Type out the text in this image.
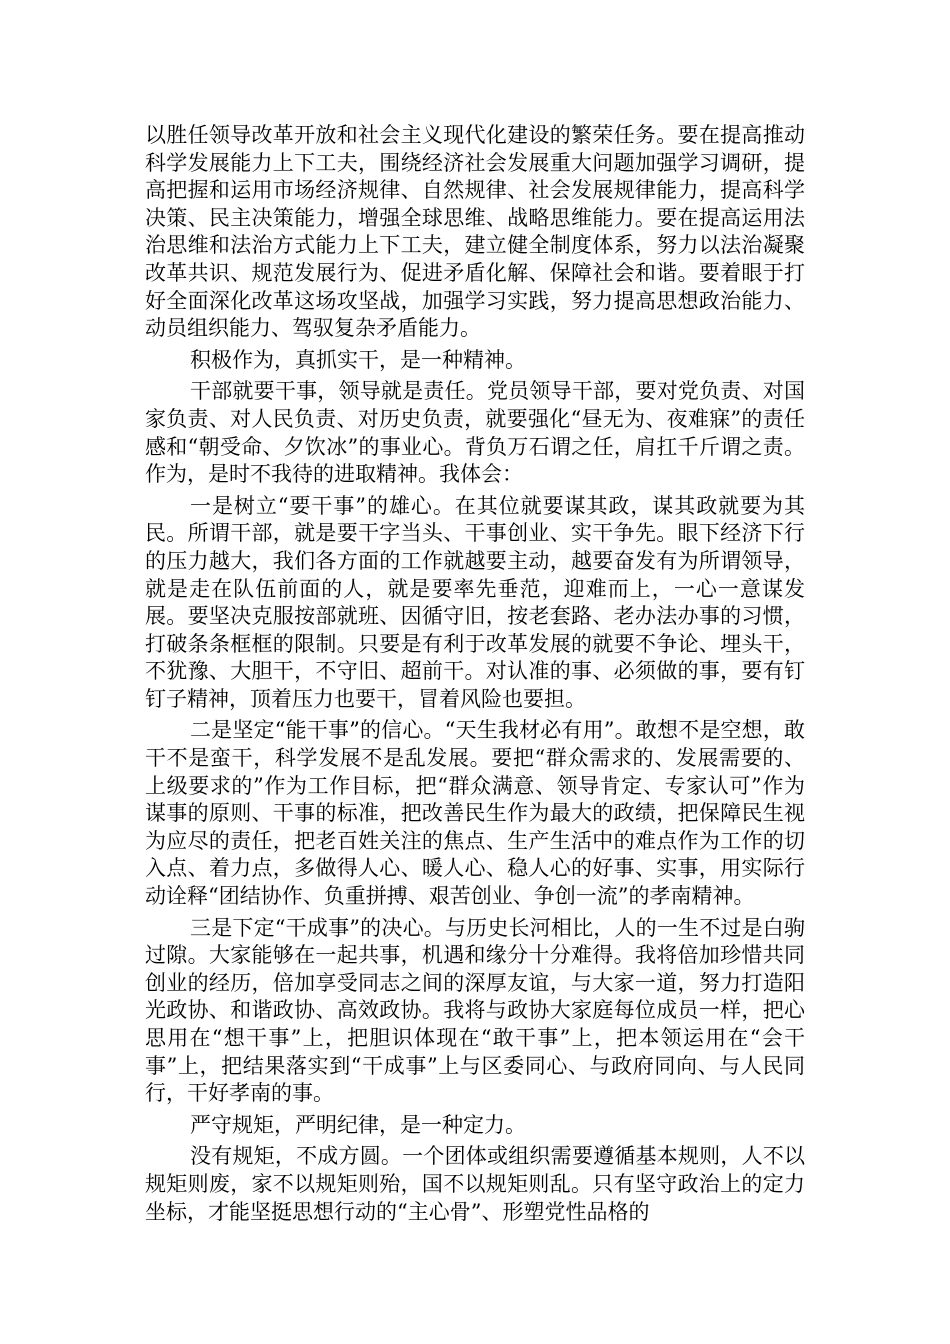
以胜任领导改革开放和社会主义现代化建设的繁荣任务。要在提高推动科学发展能力上下工夫，围绕经济社会发展重大问题加强学习调研，提高把握和运用市场经济规律、自然规律、社会发展规律能力，提高科学决策、民主决策能力，增强全球思维、战略思维能力。要在提高运用法治思维和法治方式能力上下工夫，建立健全制度体系，努力以法治凝聚改革共识、规范发展行为、促进矛盾化解、保障社会和谐。要着眼于打好全面深化改革这场攻坚战，加强学习实践，努力提高思想政治能力、动员组织能力、驾驭复杂矛盾能力。

积极作为，真抓实干，是一种精神。

干部就要干事，领导就是责任。党员领导干部，要对党负责、对国家负责、对人民负责、对历史负责，就要强化“昼无为、夜难寐”的责任感和“朝受命、夕饮冰”的事业心。背负万石谓之任，肩扛千斤谓之责。作为，是时不我待的进取精神。我体会：

一是树立“要干事”的雄心。在其位就要谋其政，谋其政就要为其民。所谓干部，就是要干字当头、干事创业、实干争先。眼下经济下行的压力越大，我们各方面的工作就越要主动，越要奋发有为所谓领导，就是走在队伍前面的人，就是要率先垂范，迎难而上，一心一意谋发展。要坚决克服按部就班、因循守旧，按老套路、老办法办事的习惯，打破条条框框的限制。只要是有利于改革发展的就要不争论、埋头干，不犹豫、大胆干，不守旧、超前干。对认准的事、必须做的事，要有钉钉子精神，顶着压力也要干，冒着风险也要担。

二是坚定“能干事”的信心。“天生我材必有用”。敢想不是空想，敢干不是蛮干，科学发展不是乱发展。要把“群众需求的、发展需要的、上级要求的”作为工作目标，把“群众满意、领导肯定、专家认可”作为谋事的原则、干事的标准，把改善民生作为最大的政绩，把保障民生视为应尽的责任，把老百姓关注的焦点、生产生活中的难点作为工作的切入点、着力点，多做得人心、暖人心、稳人心的好事、实事，用实际行动诠释“团结协作、负重拼搏、艰苦创业、争创一流”的孝南精神。

三是下定“干成事”的决心。与历史长河相比，人的一生不过是白驹过隙。大家能够在一起共事，机遇和缘分十分难得。我将倍加珍惜共同创业的经历，倍加享受同志之间的深厚友谊，与大家一道，努力打造阳光政协、和谐政协、高效政协。我将与政协大家庭每位成员一样，把心思用在“想干事”上，把胆识体现在“敢干事”上，把本领运用在“会干事”上，把结果落实到“干成事”上与区委同心、与政府同向、与人民同行，干好孝南的事。

严守规矩，严明纪律，是一种定力。

没有规矩，不成方圆。一个团体或组织需要遵循基本规则，人不以规矩则废，家不以规矩则殆，国不以规矩则乱。只有坚守政治上的定力坐标，才能坚挺思想行动的“主心骨”、形塑党性品格的
